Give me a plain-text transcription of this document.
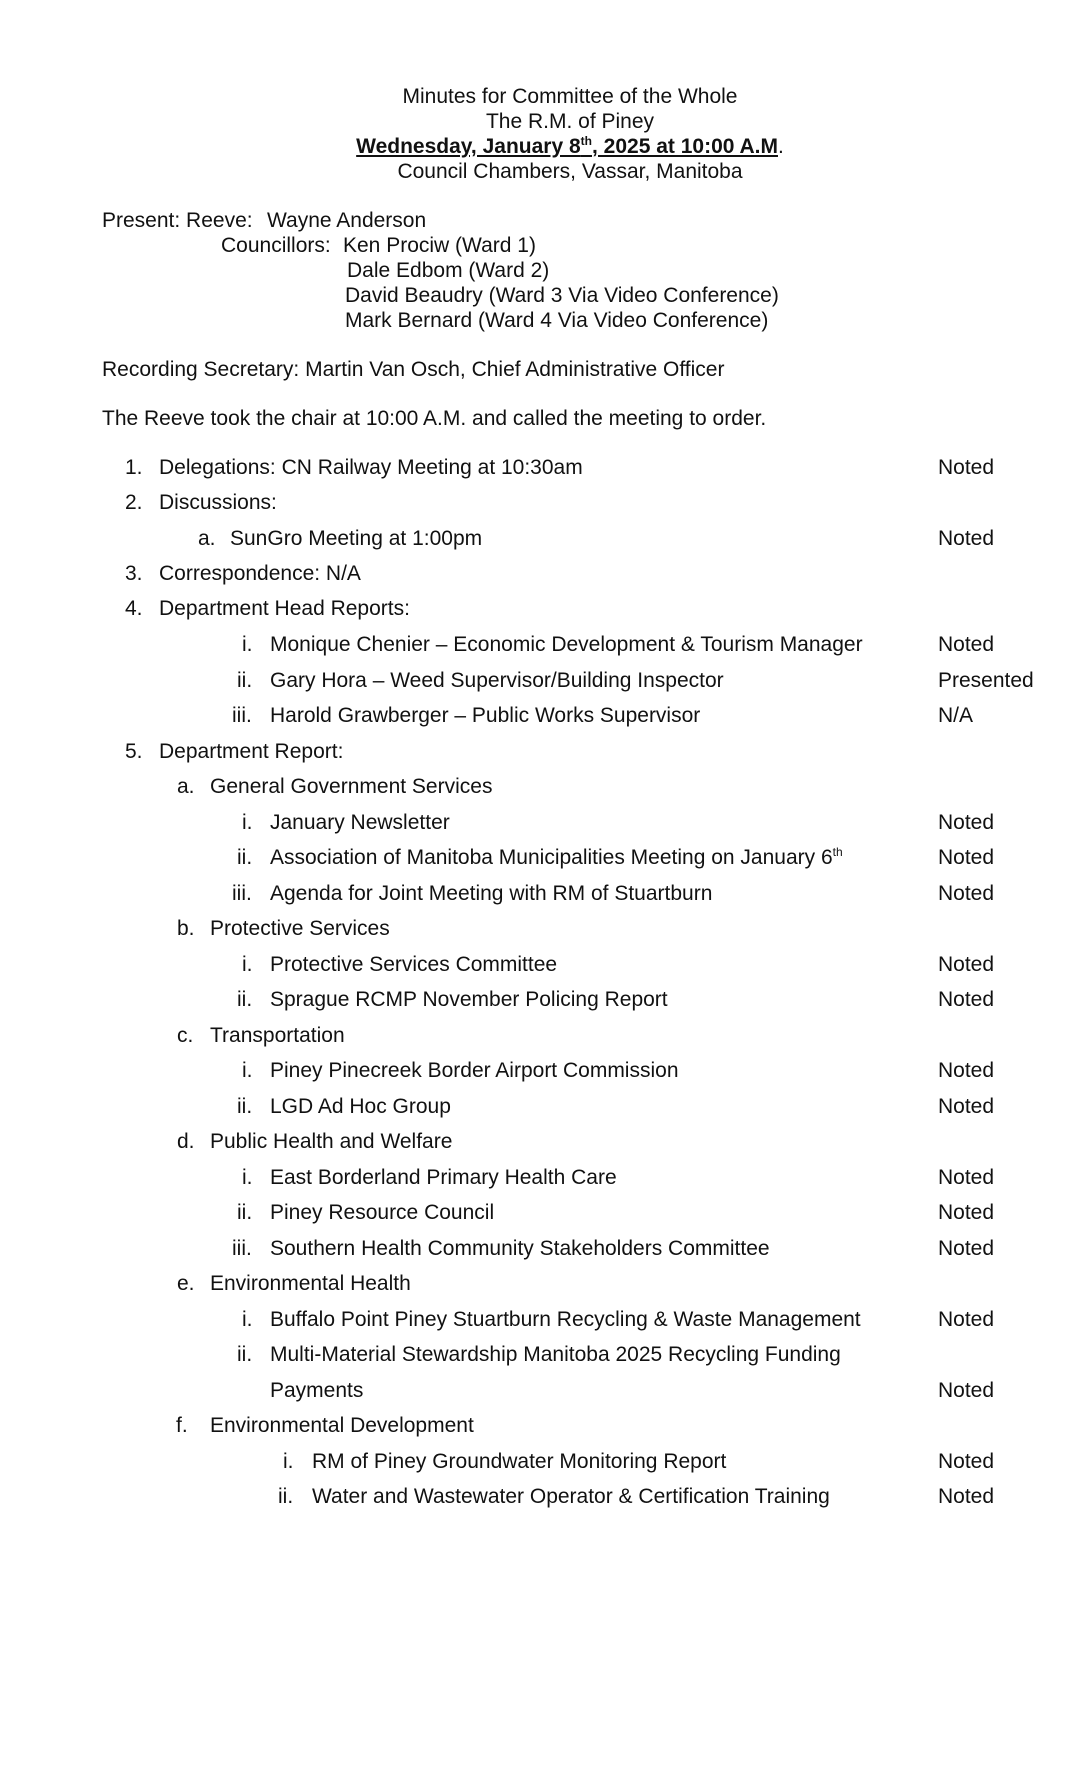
Minutes for Committee of the Whole
The R.M. of Piney
Wednesday, January 8th, 2025 at 10:00 A.M.
Council Chambers, Vassar, Manitoba
Present: Reeve: Wayne Anderson
Councillors: Ken Prociw (Ward 1)
Dale Edbom (Ward 2)
David Beaudry (Ward 3 Via Video Conference)
Mark Bernard (Ward 4 Via Video Conference)
Recording Secretary: Martin Van Osch, Chief Administrative Officer
The Reeve took the chair at 10:00 A.M. and called the meeting to order.
1. Delegations: CN Railway Meeting at 10:30am	Noted
2. Discussions:
a. SunGro Meeting at 1:00pm	Noted
3. Correspondence: N/A
4. Department Head Reports:
i. Monique Chenier – Economic Development & Tourism Manager	Noted
ii. Gary Hora – Weed Supervisor/Building Inspector	Presented
iii. Harold Grawberger – Public Works Supervisor	N/A
5. Department Report:
a. General Government Services
i. January Newsletter	Noted
ii. Association of Manitoba Municipalities Meeting on January 6th	Noted
iii. Agenda for Joint Meeting with RM of Stuartburn	Noted
b. Protective Services
i. Protective Services Committee	Noted
ii. Sprague RCMP November Policing Report	Noted
c. Transportation
i. Piney Pinecreek Border Airport Commission	Noted
ii. LGD Ad Hoc Group	Noted
d. Public Health and Welfare
i. East Borderland Primary Health Care	Noted
ii. Piney Resource Council	Noted
iii. Southern Health Community Stakeholders Committee	Noted
e. Environmental Health
i. Buffalo Point Piney Stuartburn Recycling & Waste Management	Noted
ii. Multi-Material Stewardship Manitoba 2025 Recycling Funding
Payments	Noted
f. Environmental Development
i. RM of Piney Groundwater Monitoring Report	Noted
ii. Water and Wastewater Operator & Certification Training	Noted
